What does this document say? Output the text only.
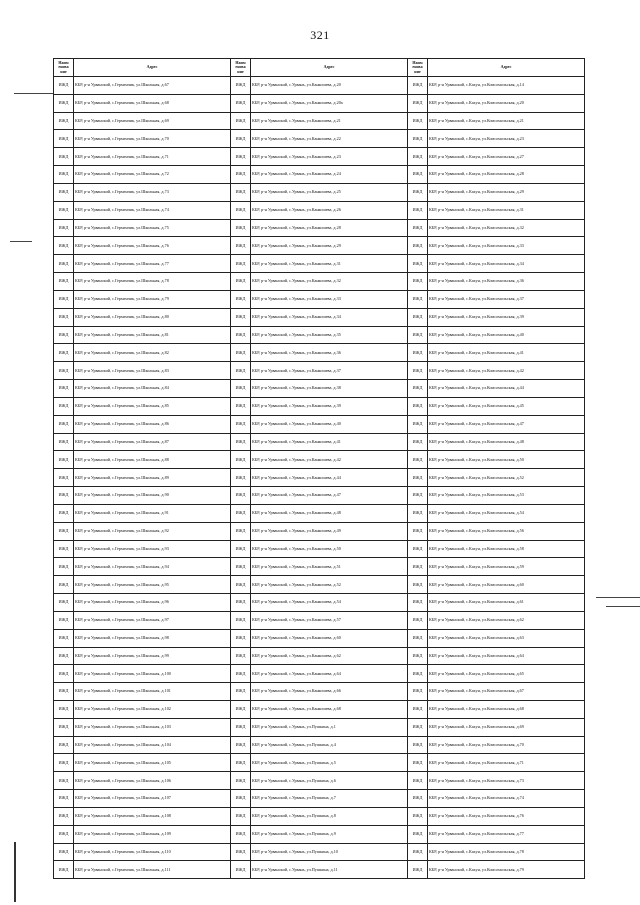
321
Наим енова ние	Адрес	Наим енова ние	Адрес	Наим енова ние	Адрес
ИЖД	КБР, р-н Урванский, с.Герменчик, ул.Школьная, д.67	ИЖД	КБР, р-н Урванский, с.Урвань, ул.Канкошева, д.20	ИЖД	КБР, р-н Урванский, с.Кахун, ул.Комсомольская, д.14
ИЖД	КБР, р-н Урванский, с.Герменчик, ул.Школьная, д.68	ИЖД	КБР, р-н Урванский, с.Урвань, ул.Канкошева, д.20а	ИЖД	КБР, р-н Урванский, с.Кахун, ул.Комсомольская, д.20
ИЖД	КБР, р-н Урванский, с.Герменчик, ул.Школьная, д.69	ИЖД	КБР, р-н Урванский, с.Урвань, ул.Канкошева, д.21	ИЖД	КБР, р-н Урванский, с.Кахун, ул.Комсомольская, д.21
ИЖД	КБР, р-н Урванский, с.Герменчик, ул.Школьная, д.70	ИЖД	КБР, р-н Урванский, с.Урвань, ул.Канкошева, д.22	ИЖД	КБР, р-н Урванский, с.Кахун, ул.Комсомольская, д.23
ИЖД	КБР, р-н Урванский, с.Герменчик, ул.Школьная, д.71	ИЖД	КБР, р-н Урванский, с.Урвань, ул.Канкошева, д.23	ИЖД	КБР, р-н Урванский, с.Кахун, ул.Комсомольская, д.27
ИЖД	КБР, р-н Урванский, с.Герменчик, ул.Школьная, д.72	ИЖД	КБР, р-н Урванский, с.Урвань, ул.Канкошева, д.24	ИЖД	КБР, р-н Урванский, с.Кахун, ул.Комсомольская, д.28
ИЖД	КБР, р-н Урванский, с.Герменчик, ул.Школьная, д.73	ИЖД	КБР, р-н Урванский, с.Урвань, ул.Канкошева, д.25	ИЖД	КБР, р-н Урванский, с.Кахун, ул.Комсомольская, д.29
ИЖД	КБР, р-н Урванский, с.Герменчик, ул.Школьная, д.74	ИЖД	КБР, р-н Урванский, с.Урвань, ул.Канкошева, д.26	ИЖД	КБР, р-н Урванский, с.Кахун, ул.Комсомольская, д.31
ИЖД	КБР, р-н Урванский, с.Герменчик, ул.Школьная, д.75	ИЖД	КБР, р-н Урванский, с.Урвань, ул.Канкошева, д.28	ИЖД	КБР, р-н Урванский, с.Кахун, ул.Комсомольская, д.32
ИЖД	КБР, р-н Урванский, с.Герменчик, ул.Школьная, д.76	ИЖД	КБР, р-н Урванский, с.Урвань, ул.Канкошева, д.29	ИЖД	КБР, р-н Урванский, с.Кахун, ул.Комсомольская, д.33
ИЖД	КБР, р-н Урванский, с.Герменчик, ул.Школьная, д.77	ИЖД	КБР, р-н Урванский, с.Урвань, ул.Канкошева, д.31	ИЖД	КБР, р-н Урванский, с.Кахун, ул.Комсомольская, д.34
ИЖД	КБР, р-н Урванский, с.Герменчик, ул.Школьная, д.78	ИЖД	КБР, р-н Урванский, с.Урвань, ул.Канкошева, д.32	ИЖД	КБР, р-н Урванский, с.Кахун, ул.Комсомольская, д.36
ИЖД	КБР, р-н Урванский, с.Герменчик, ул.Школьная, д.79	ИЖД	КБР, р-н Урванский, с.Урвань, ул.Канкошева, д.33	ИЖД	КБР, р-н Урванский, с.Кахун, ул.Комсомольская, д.37
ИЖД	КБР, р-н Урванский, с.Герменчик, ул.Школьная, д.80	ИЖД	КБР, р-н Урванский, с.Урвань, ул.Канкошева, д.34	ИЖД	КБР, р-н Урванский, с.Кахун, ул.Комсомольская, д.39
ИЖД	КБР, р-н Урванский, с.Герменчик, ул.Школьная, д.81	ИЖД	КБР, р-н Урванский, с.Урвань, ул.Канкошева, д.35	ИЖД	КБР, р-н Урванский, с.Кахун, ул.Комсомольская, д.40
ИЖД	КБР, р-н Урванский, с.Герменчик, ул.Школьная, д.82	ИЖД	КБР, р-н Урванский, с.Урвань, ул.Канкошева, д.36	ИЖД	КБР, р-н Урванский, с.Кахун, ул.Комсомольская, д.41
ИЖД	КБР, р-н Урванский, с.Герменчик, ул.Школьная, д.83	ИЖД	КБР, р-н Урванский, с.Урвань, ул.Канкошева, д.37	ИЖД	КБР, р-н Урванский, с.Кахун, ул.Комсомольская, д.42
ИЖД	КБР, р-н Урванский, с.Герменчик, ул.Школьная, д.84	ИЖД	КБР, р-н Урванский, с.Урвань, ул.Канкошева, д.38	ИЖД	КБР, р-н Урванский, с.Кахун, ул.Комсомольская, д.44
ИЖД	КБР, р-н Урванский, с.Герменчик, ул.Школьная, д.85	ИЖД	КБР, р-н Урванский, с.Урвань, ул.Канкошева, д.39	ИЖД	КБР, р-н Урванский, с.Кахун, ул.Комсомольская, д.45
ИЖД	КБР, р-н Урванский, с.Герменчик, ул.Школьная, д.86	ИЖД	КБР, р-н Урванский, с.Урвань, ул.Канкошева, д.40	ИЖД	КБР, р-н Урванский, с.Кахун, ул.Комсомольская, д.47
ИЖД	КБР, р-н Урванский, с.Герменчик, ул.Школьная, д.87	ИЖД	КБР, р-н Урванский, с.Урвань, ул.Канкошева, д.41	ИЖД	КБР, р-н Урванский, с.Кахун, ул.Комсомольская, д.48
ИЖД	КБР, р-н Урванский, с.Герменчик, ул.Школьная, д.88	ИЖД	КБР, р-н Урванский, с.Урвань, ул.Канкошева, д.42	ИЖД	КБР, р-н Урванский, с.Кахун, ул.Комсомольская, д.50
ИЖД	КБР, р-н Урванский, с.Герменчик, ул.Школьная, д.89	ИЖД	КБР, р-н Урванский, с.Урвань, ул.Канкошева, д.44	ИЖД	КБР, р-н Урванский, с.Кахун, ул.Комсомольская, д.52
ИЖД	КБР, р-н Урванский, с.Герменчик, ул.Школьная, д.90	ИЖД	КБР, р-н Урванский, с.Урвань, ул.Канкошева, д.47	ИЖД	КБР, р-н Урванский, с.Кахун, ул.Комсомольская, д.53
ИЖД	КБР, р-н Урванский, с.Герменчик, ул.Школьная, д.91	ИЖД	КБР, р-н Урванский, с.Урвань, ул.Канкошева, д.48	ИЖД	КБР, р-н Урванский, с.Кахун, ул.Комсомольская, д.54
ИЖД	КБР, р-н Урванский, с.Герменчик, ул.Школьная, д.92	ИЖД	КБР, р-н Урванский, с.Урвань, ул.Канкошева, д.49	ИЖД	КБР, р-н Урванский, с.Кахун, ул.Комсомольская, д.56
ИЖД	КБР, р-н Урванский, с.Герменчик, ул.Школьная, д.93	ИЖД	КБР, р-н Урванский, с.Урвань, ул.Канкошева, д.50	ИЖД	КБР, р-н Урванский, с.Кахун, ул.Комсомольская, д.58
ИЖД	КБР, р-н Урванский, с.Герменчик, ул.Школьная, д.94	ИЖД	КБР, р-н Урванский, с.Урвань, ул.Канкошева, д.51	ИЖД	КБР, р-н Урванский, с.Кахун, ул.Комсомольская, д.59
ИЖД	КБР, р-н Урванский, с.Герменчик, ул.Школьная, д.95	ИЖД	КБР, р-н Урванский, с.Урвань, ул.Канкошева, д.52	ИЖД	КБР, р-н Урванский, с.Кахун, ул.Комсомольская, д.60
ИЖД	КБР, р-н Урванский, с.Герменчик, ул.Школьная, д.96	ИЖД	КБР, р-н Урванский, с.Урвань, ул.Канкошева, д.54	ИЖД	КБР, р-н Урванский, с.Кахун, ул.Комсомольская, д.61
ИЖД	КБР, р-н Урванский, с.Герменчик, ул.Школьная, д.97	ИЖД	КБР, р-н Урванский, с.Урвань, ул.Канкошева, д.57	ИЖД	КБР, р-н Урванский, с.Кахун, ул.Комсомольская, д.62
ИЖД	КБР, р-н Урванский, с.Герменчик, ул.Школьная, д.98	ИЖД	КБР, р-н Урванский, с.Урвань, ул.Канкошева, д.60	ИЖД	КБР, р-н Урванский, с.Кахун, ул.Комсомольская, д.63
ИЖД	КБР, р-н Урванский, с.Герменчик, ул.Школьная, д.99	ИЖД	КБР, р-н Урванский, с.Урвань, ул.Канкошева, д.62	ИЖД	КБР, р-н Урванский, с.Кахун, ул.Комсомольская, д.64
ИЖД	КБР, р-н Урванский, с.Герменчик, ул.Школьная, д.100	ИЖД	КБР, р-н Урванский, с.Урвань, ул.Канкошева, д.64	ИЖД	КБР, р-н Урванский, с.Кахун, ул.Комсомольская, д.65
ИЖД	КБР, р-н Урванский, с.Герменчик, ул.Школьная, д.101	ИЖД	КБР, р-н Урванский, с.Урвань, ул.Канкошева, д.66	ИЖД	КБР, р-н Урванский, с.Кахун, ул.Комсомольская, д.67
ИЖД	КБР, р-н Урванский, с.Герменчик, ул.Школьная, д.102	ИЖД	КБР, р-н Урванский, с.Урвань, ул.Канкошева, д.68	ИЖД	КБР, р-н Урванский, с.Кахун, ул.Комсомольская, д.68
ИЖД	КБР, р-н Урванский, с.Герменчик, ул.Школьная, д.103	ИЖД	КБР, р-н Урванский, с.Урвань, ул.Пушкина, д.1	ИЖД	КБР, р-н Урванский, с.Кахун, ул.Комсомольская, д.69
ИЖД	КБР, р-н Урванский, с.Герменчик, ул.Школьная, д.104	ИЖД	КБР, р-н Урванский, с.Урвань, ул.Пушкина, д.4	ИЖД	КБР, р-н Урванский, с.Кахун, ул.Комсомольская, д.70
ИЖД	КБР, р-н Урванский, с.Герменчик, ул.Школьная, д.105	ИЖД	КБР, р-н Урванский, с.Урвань, ул.Пушкина, д.5	ИЖД	КБР, р-н Урванский, с.Кахун, ул.Комсомольская, д.71
ИЖД	КБР, р-н Урванский, с.Герменчик, ул.Школьная, д.106	ИЖД	КБР, р-н Урванский, с.Урвань, ул.Пушкина, д.6	ИЖД	КБР, р-н Урванский, с.Кахун, ул.Комсомольская, д.73
ИЖД	КБР, р-н Урванский, с.Герменчик, ул.Школьная, д.107	ИЖД	КБР, р-н Урванский, с.Урвань, ул.Пушкина, д.7	ИЖД	КБР, р-н Урванский, с.Кахун, ул.Комсомольская, д.74
ИЖД	КБР, р-н Урванский, с.Герменчик, ул.Школьная, д.108	ИЖД	КБР, р-н Урванский, с.Урвань, ул.Пушкина, д.8	ИЖД	КБР, р-н Урванский, с.Кахун, ул.Комсомольская, д.76
ИЖД	КБР, р-н Урванский, с.Герменчик, ул.Школьная, д.109	ИЖД	КБР, р-н Урванский, с.Урвань, ул.Пушкина, д.9	ИЖД	КБР, р-н Урванский, с.Кахун, ул.Комсомольская, д.77
ИЖД	КБР, р-н Урванский, с.Герменчик, ул.Школьная, д.110	ИЖД	КБР, р-н Урванский, с.Урвань, ул.Пушкина, д.10	ИЖД	КБР, р-н Урванский, с.Кахун, ул.Комсомольская, д.78
ИЖД	КБР, р-н Урванский, с.Герменчик, ул.Школьная, д.111	ИЖД	КБР, р-н Урванский, с.Урвань, ул.Пушкина, д.11	ИЖД	КБР, р-н Урванский, с.Кахун, ул.Комсомольская, д.79
